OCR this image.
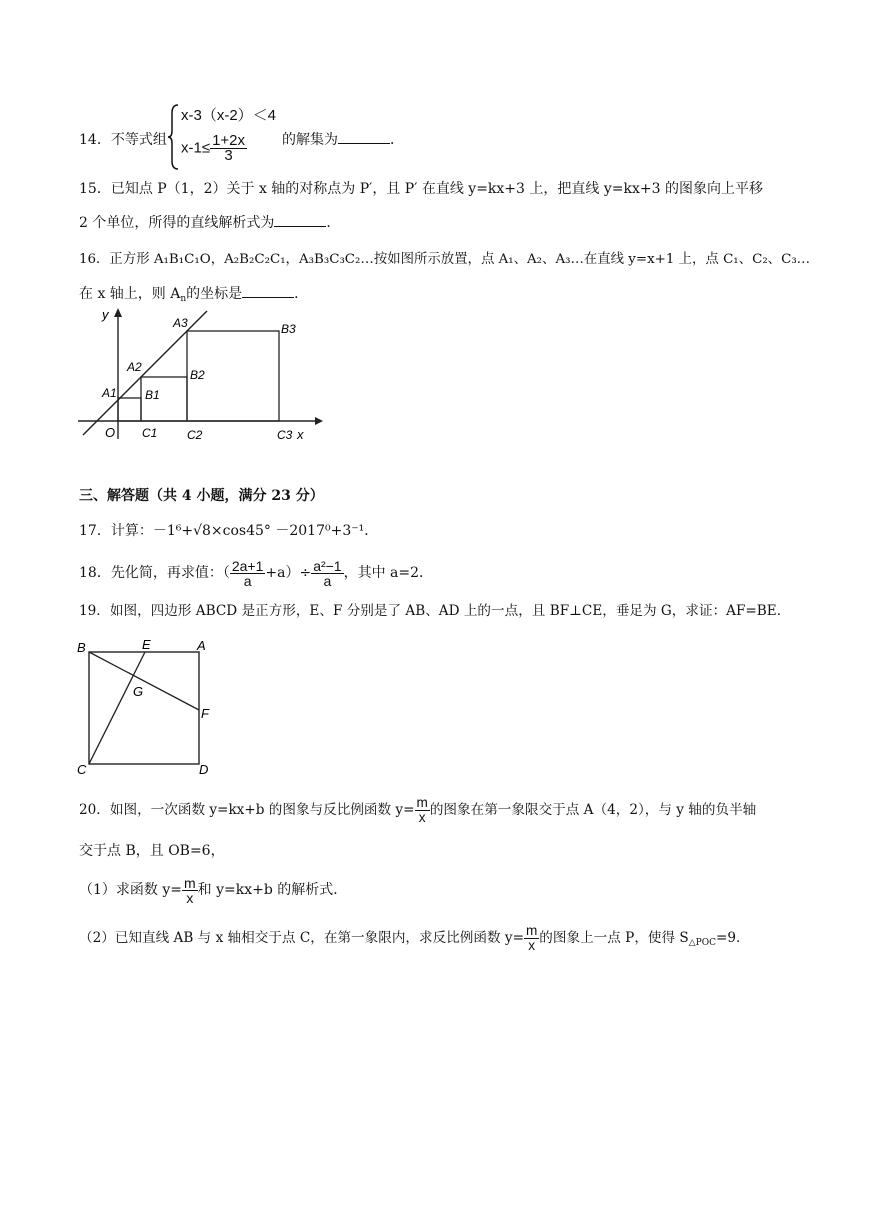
14．不等式组
x-3（x-2）＜4
$x-1\le \frac{1+2x}{3}$ 的解集为	．
15．已知点 P（1，2）关于 x 轴的对称点为 P′，且 P′ 在直线 y=kx+3 上，把直线 y=kx+3 的图象向上平移
2 个单位，所得的直线解析式为	．
16．正方形 A₁B₁C₁O，A₂B₂C₂C₁，A₃B₃C₃C₂…按如图所示放置，点 A₁、A₂、A₃…在直线 y=x+1 上，点 C₁、C₂、C₃…
在 x 轴上，则 $A_n$的坐标是	．
y
x
O
A1
A2
A3
B1
B2
B3
C1 C2	C3
三、解答题（共 4 小题，满分 23 分）
17．计算：－1⁶+√8×cos45° －2017⁰+3⁻¹．
18．先化简，再求值：（ $\frac{2a+1}{a} +a)\div \frac{\text{a²−1}}{a}$ ，其中 a=2．
19．如图，四边形 ABCD 是正方形，E、F 分别是了 AB、AD 上的一点，且 BF⊥CE，垂足为 G，求证：AF=BE．
B	E	A
G
F
C	D
20．如图，一次函数 y=kx+b 的图象与反比例函数 $y= \frac{m}{x}$ 的图象在第一象限交于点 A（4，2），与 y 轴的负半轴
交于点 B，且 OB=6，
（1）求函数 $y= \frac{m}{x}$ 和 y=kx+b 的解析式．
（2）已知直线 AB 与 x 轴相交于点 C，在第一象限内，求反比例函数 $y= \frac{m}{x}$ 的图象上一点 P，使得 $S_{\triangle POC}=9$．
